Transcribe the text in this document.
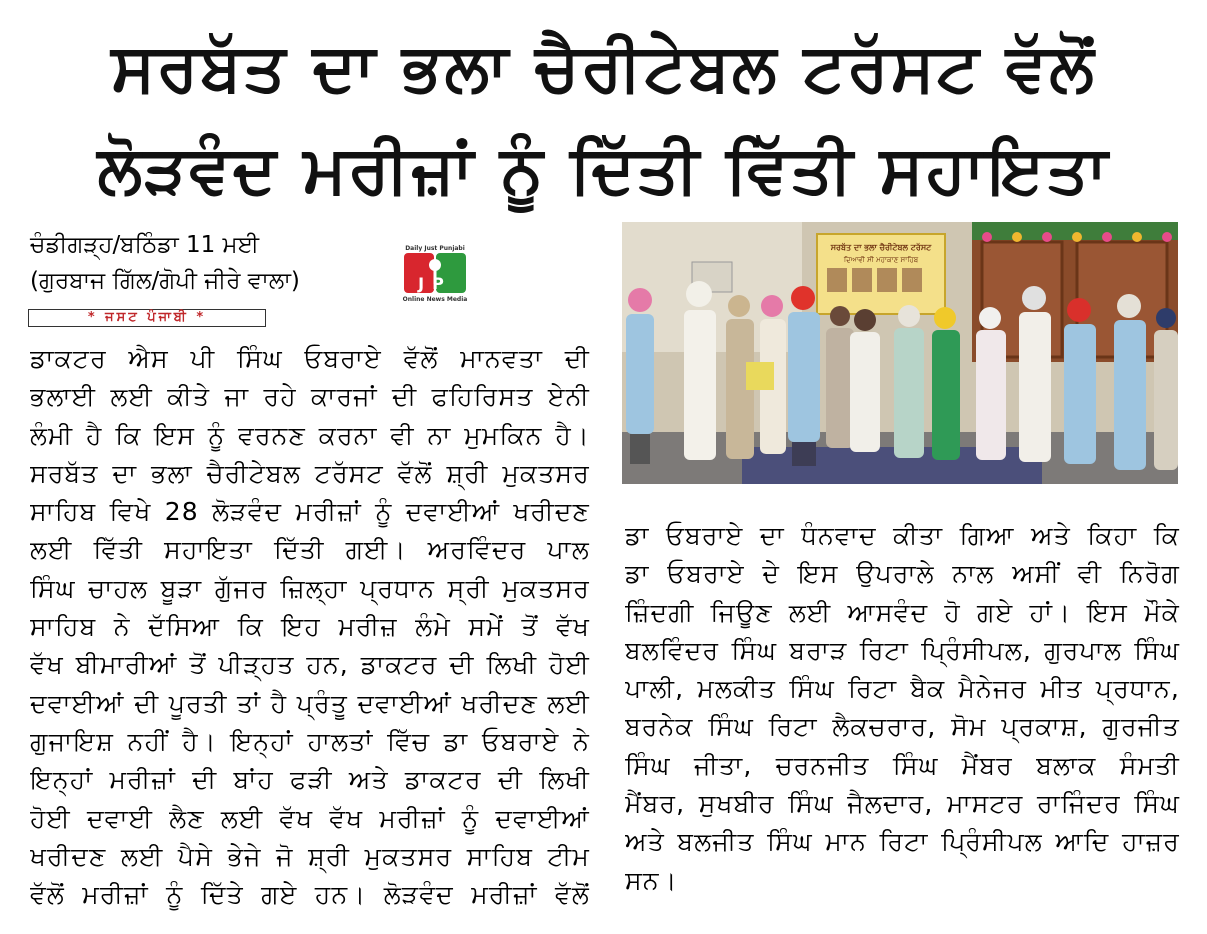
ਸਰਬੱਤ ਦਾ ਭਲਾ ਚੈਰੀਟੇਬਲ ਟਰੱਸਟ ਵੱਲੋਂ
ਲੋੜਵੰਦ ਮਰੀਜ਼ਾਂ ਨੂੰ ਦਿੱਤੀ ਵਿੱਤੀ ਸਹਾਇਤਾ
ਚੰਡੀਗੜ੍ਹ/ਬਠਿੰਡਾ 11 ਮਈ
(ਗੁਰਬਾਜ ਗਿੱਲ/ਗੋਪੀ ਜੀਰੇ ਵਾਲਾ)
* ਜਸਟ ਪੰਜਾਬੀ *
Daily Just Punjabi
JP
Online News Media
ਸਰਬੱਤ ਦਾ ਭਲਾ ਚੈਰੀਟੇਬਲ ਟਰੱਸਟ
ਦਿਆਵੀ ਸੀ ਮਹਾਕਾਣ ਸਾਹਿਬ
ਡਾਕਟਰ ਐਸ ਪੀ ਸਿੰਘ ਓਬਰਾਏ ਵੱਲੋਂ ਮਾਨਵਤਾ ਦੀ
ਭਲਾਈ ਲਈ ਕੀਤੇ ਜਾ ਰਹੇ ਕਾਰਜਾਂ ਦੀ ਫਹਿਰਿਸਤ ਏਨੀ
ਲੰਮੀ ਹੈ ਕਿ ਇਸ ਨੂੰ ਵਰਨਣ ਕਰਨਾ ਵੀ ਨਾ ਮੁਮਕਿਨ ਹੈ।
ਸਰਬੱਤ ਦਾ ਭਲਾ ਚੈਰੀਟੇਬਲ ਟਰੱਸਟ ਵੱਲੋਂ ਸ਼੍ਰੀ ਮੁਕਤਸਰ
ਸਾਹਿਬ ਵਿਖੇ 28 ਲੋੜਵੰਦ ਮਰੀਜ਼ਾਂ ਨੂੰ ਦਵਾਈਆਂ ਖਰੀਦਣ
ਲਈ ਵਿੱਤੀ ਸਹਾਇਤਾ ਦਿੱਤੀ ਗਈ। ਅਰਵਿੰਦਰ ਪਾਲ
ਸਿੰਘ ਚਾਹਲ ਬੂੜਾ ਗੁੱਜਰ ਜ਼ਿਲ੍ਹਾ ਪ੍ਰਧਾਨ ਸ੍ਰੀ ਮੁਕਤਸਰ
ਸਾਹਿਬ ਨੇ ਦੱਸਿਆ ਕਿ ਇਹ ਮਰੀਜ਼ ਲੰਮੇ ਸਮੇਂ ਤੋਂ ਵੱਖ
ਵੱਖ ਬੀਮਾਰੀਆਂ ਤੋਂ ਪੀੜ੍ਹਤ ਹਨ, ਡਾਕਟਰ ਦੀ ਲਿਖੀ ਹੋਈ
ਦਵਾਈਆਂ ਦੀ ਪੂਰਤੀ ਤਾਂ ਹੈ ਪ੍ਰੰਤੂ ਦਵਾਈਆਂ ਖਰੀਦਣ ਲਈ
ਗੁਜਾਇਸ਼ ਨਹੀਂ ਹੈ। ਇਨ੍ਹਾਂ ਹਾਲਤਾਂ ਵਿੱਚ ਡਾ ਓਬਰਾਏ ਨੇ
ਇਨ੍ਹਾਂ ਮਰੀਜ਼ਾਂ ਦੀ ਬਾਂਹ ਫੜੀ ਅਤੇ ਡਾਕਟਰ ਦੀ ਲਿਖੀ
ਹੋਈ ਦਵਾਈ ਲੈਣ ਲਈ ਵੱਖ ਵੱਖ ਮਰੀਜ਼ਾਂ ਨੂੰ ਦਵਾਈਆਂ
ਖਰੀਦਣ ਲਈ ਪੈਸੇ ਭੇਜੇ ਜੋ ਸ਼੍ਰੀ ਮੁਕਤਸਰ ਸਾਹਿਬ ਟੀਮ
ਵੱਲੋਂ ਮਰੀਜ਼ਾਂ ਨੂੰ ਦਿੱਤੇ ਗਏ ਹਨ। ਲੋੜਵੰਦ ਮਰੀਜ਼ਾਂ ਵੱਲੋਂ
ਡਾ ਓਬਰਾਏ ਦਾ ਧੰਨਵਾਦ ਕੀਤਾ ਗਿਆ ਅਤੇ ਕਿਹਾ ਕਿ
ਡਾ ਓਬਰਾਏ ਦੇ ਇਸ ਉਪਰਾਲੇ ਨਾਲ ਅਸੀਂ ਵੀ ਨਿਰੋਗ
ਜ਼ਿੰਦਗੀ ਜਿਊਣ ਲਈ ਆਸਵੰਦ ਹੋ ਗਏ ਹਾਂ। ਇਸ ਮੌਕੇ
ਬਲਵਿੰਦਰ ਸਿੰਘ ਬਰਾੜ ਰਿਟਾ ਪ੍ਰਿੰਸੀਪਲ, ਗੁਰਪਾਲ ਸਿੰਘ
ਪਾਲੀ, ਮਲਕੀਤ ਸਿੰਘ ਰਿਟਾ ਬੈਕ ਮੈਨੇਜਰ ਮੀਤ ਪ੍ਰਧਾਨ,
ਬਰਨੇਕ ਸਿੰਘ ਰਿਟਾ ਲੈਕਚਰਾਰ, ਸੋਮ ਪ੍ਰਕਾਸ਼, ਗੁਰਜੀਤ
ਸਿੰਘ ਜੀਤਾ, ਚਰਨਜੀਤ ਸਿੰਘ ਮੈਂਬਰ ਬਲਾਕ ਸੰਮਤੀ
ਮੈਂਬਰ, ਸੁਖਬੀਰ ਸਿੰਘ ਜੈਲਦਾਰ, ਮਾਸਟਰ ਰਾਜਿੰਦਰ ਸਿੰਘ
ਅਤੇ ਬਲਜੀਤ ਸਿੰਘ ਮਾਨ ਰਿਟਾ ਪ੍ਰਿੰਸੀਪਲ ਆਦਿ ਹਾਜ਼ਰ
ਸਨ।
